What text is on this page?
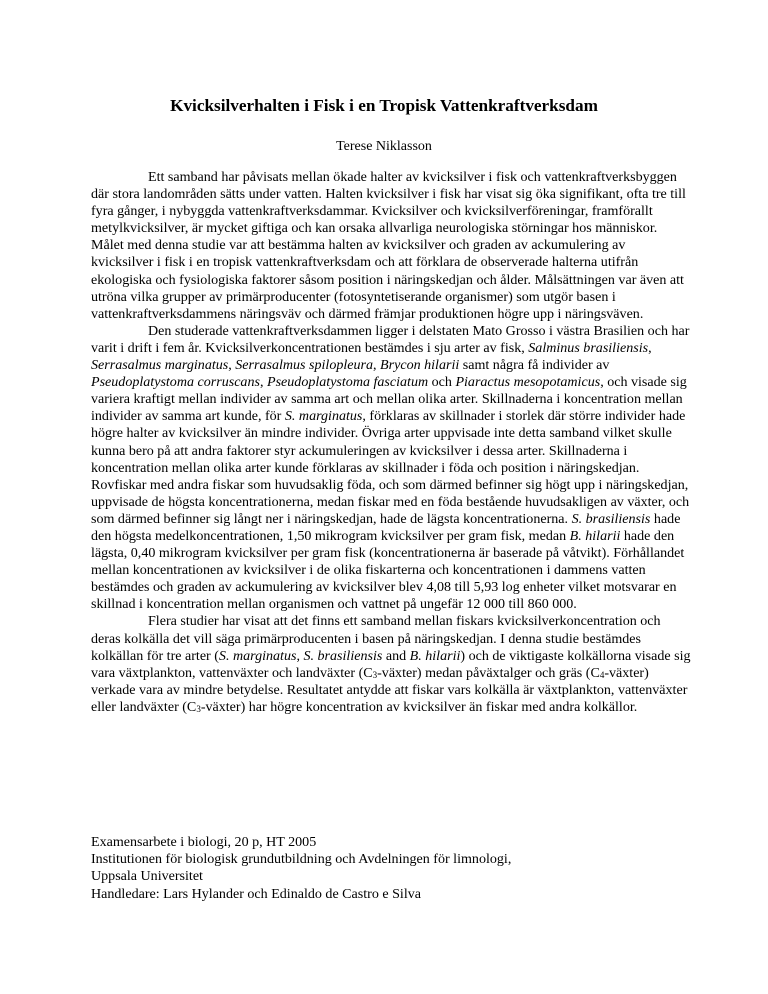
Kvicksilverhalten i Fisk i en Tropisk Vattenkraftverksdam
Terese Niklasson

Ett samband har påvisats mellan ökade halter av kvicksilver i fisk och vattenkraftverksbyggen där stora landområden sätts under vatten. Halten kvicksilver i fisk har visat sig öka signifikant, ofta tre till fyra gånger, i nybyggda vattenkraftverksdammar. Kvicksilver och kvicksilverföreningar, framförallt metylkvicksilver, är mycket giftiga och kan orsaka allvarliga neurologiska störningar hos människor. Målet med denna studie var att bestämma halten av kvicksilver och graden av ackumulering av kvicksilver i fisk i en tropisk vattenkraftverksdam och att förklara de observerade halterna utifrån ekologiska och fysiologiska faktorer såsom position i näringskedjan och ålder. Målsättningen var även att utröna vilka grupper av primärproducenter (fotosyntetiserande organismer) som utgör basen i vattenkraftverksdammens näringsväv och därmed främjar produktionen högre upp i näringsväven.

Den studerade vattenkraftverksdammen ligger i delstaten Mato Grosso i västra Brasilien och har varit i drift i fem år. Kvicksilverkoncentrationen bestämdes i sju arter av fisk, Salminus brasiliensis, Serrasalmus marginatus, Serrasalmus spilopleura, Brycon hilarii samt några få individer av Pseudoplatystoma corruscans, Pseudoplatystoma fasciatum och Piaractus mesopotamicus, och visade sig variera kraftigt mellan individer av samma art och mellan olika arter. Skillnaderna i koncentration mellan individer av samma art kunde, för S. marginatus, förklaras av skillnader i storlek där större individer hade högre halter av kvicksilver än mindre individer. Övriga arter uppvisade inte detta samband vilket skulle kunna bero på att andra faktorer styr ackumuleringen av kvicksilver i dessa arter. Skillnaderna i koncentration mellan olika arter kunde förklaras av skillnader i föda och position i näringskedjan. Rovfiskar med andra fiskar som huvudsaklig föda, och som därmed befinner sig högt upp i näringskedjan, uppvisade de högsta koncentrationerna, medan fiskar med en föda bestående huvudsakligen av växter, och som därmed befinner sig långt ner i näringskedjan, hade de lägsta koncentrationerna. S. brasiliensis hade den högsta medelkoncentrationen, 1,50 mikrogram kvicksilver per gram fisk, medan B. hilarii hade den lägsta, 0,40 mikrogram kvicksilver per gram fisk (koncentrationerna är baserade på våtvikt). Förhållandet mellan koncentrationen av kvicksilver i de olika fiskarterna och koncentrationen i dammens vatten bestämdes och graden av ackumulering av kvicksilver blev 4,08 till 5,93 log enheter vilket motsvarar en skillnad i koncentration mellan organismen och vattnet på ungefär 12 000 till 860 000.

Flera studier har visat att det finns ett samband mellan fiskars kvicksilverkoncentration och deras kolkälla det vill säga primärproducenten i basen på näringskedjan. I denna studie bestämdes kolkällan för tre arter (S. marginatus, S. brasiliensis and B. hilarii) och de viktigaste kolkällorna visade sig vara växtplankton, vattenväxter och landväxter (C3-växter) medan påväxtalger och gräs (C4-växter) verkade vara av mindre betydelse. Resultatet antydde att fiskar vars kolkälla är växtplankton, vattenväxter eller landväxter (C3-växter) har högre koncentration av kvicksilver än fiskar med andra kolkällor.

Examensarbete i biologi, 20 p, HT 2005
Institutionen för biologisk grundutbildning och Avdelningen för limnologi,
Uppsala Universitet
Handledare: Lars Hylander och Edinaldo de Castro e Silva
